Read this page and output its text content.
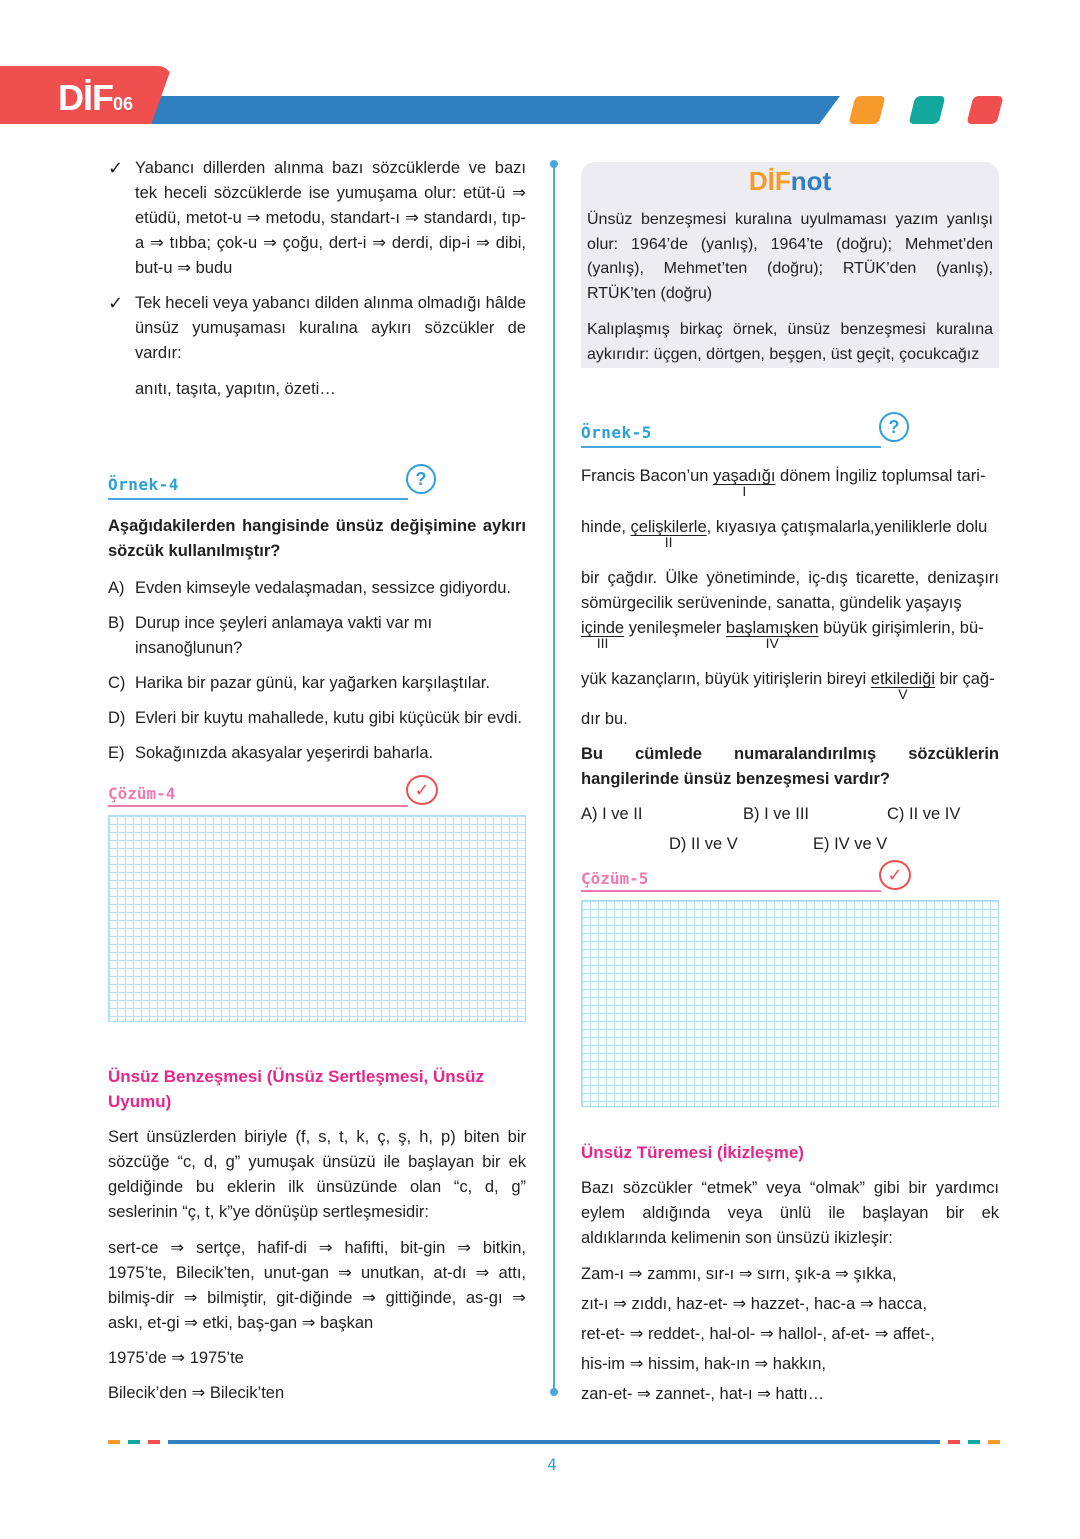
DİF06
✓ Yabancı dillerden alınma bazı sözcüklerde ve bazı tek heceli sözcüklerde ise yumuşama olur: etüt-ü ⇒ etüdü, metot-u ⇒ metodu, standart-ı ⇒ standardı, tıp-a ⇒ tıbba; çok-u ⇒ çoğu, dert-i ⇒ derdi, dip-i ⇒ dibi, but-u ⇒ budu
✓ Tek heceli veya yabancı dilden alınma olmadığı hâlde ünsüz yumuşaması kuralına aykırı sözcükler de vardır:
anıtı, taşıta, yapıtın, özeti…
Örnek-4	?

Aşağıdakilerden hangisinde ünsüz değişimine aykırı sözcük kullanılmıştır?

A) Evden kimseyle vedalaşmadan, sessizce gidiyordu.
B) Durup ince şeyleri anlamaya vakti var mı insanoğlunun?
C) Harika bir pazar günü, kar yağarken karşılaştılar.
D) Evleri bir kuytu mahallede, kutu gibi küçücük bir evdi.
E) Sokağınızda akasyalar yeşerirdi baharla.
Çözüm-4	✓
Ünsüz Benzeşmesi (Ünsüz Sertleşmesi, Ünsüz Uyumu)

Sert ünsüzlerden biriyle (f, s, t, k, ç, ş, h, p) biten bir sözcüğe “c, d, g” yumuşak ünsüzü ile başlayan bir ek geldiğinde bu eklerin ilk ünsüzünde olan “c, d, g” seslerinin “ç, t, k”ye dönüşüp sertleşmesidir:

sert-ce ⇒ sertçe, hafif-di ⇒ hafifti, bit-gin ⇒ bitkin, 1975’te, Bilecik’ten, unut-gan ⇒ unutkan, at-dı ⇒ attı, bilmiş-dir ⇒ bilmiştir, git-diğinde ⇒ gittiğinde, as-gı ⇒ askı, et-gi ⇒ etki, baş-gan ⇒ başkan

1975’de ⇒ 1975’te
Bilecik’den ⇒ Bilecik’ten
DİFnot

Ünsüz benzeşmesi kuralına uyulmaması yazım yanlışı olur: 1964’de (yanlış), 1964’te (doğru); Mehmet’den (yanlış), Mehmet’ten (doğru); RTÜK’den (yanlış), RTÜK’ten (doğru)

Kalıplaşmış birkaç örnek, ünsüz benzeşmesi kuralına aykırıdır: üçgen, dörtgen, beşgen, üst geçit, çocukcağız

Örnek-5	?
Francis Bacon’un yaşadığı
I
dönem İngiliz toplumsal tari-
hinde, çelişkilerle
II
, kıyasıya çatışmalarla,yeniliklerle dolu

bir çağdır. Ülke yönetiminde, iç-dış ticarette, denizaşırı sömürgecilik serüveninde, sanatta, gündelik yaşayış

içinde
III
yenileşmeler başlamışken
IV
büyük girişimlerin, bü-
yük kazançların, büyük yitirişlerin bireyi etkilediği
V
bir çağ-
dır bu.

Bu cümlede numaralandırılmış sözcüklerin hangilerinde ünsüz benzeşmesi vardır?

A) I ve II	B) I ve III	C) II ve IV
D) II ve V	E) IV ve V
Çözüm-5	✓
Ünsüz Türemesi (İkizleşme)

Bazı sözcükler “etmek” veya “olmak” gibi bir yardımcı eylem aldığında veya ünlü ile başlayan bir ek aldıklarında kelimenin son ünsüzü ikizleşir:

Zam-ı ⇒ zammı, sır-ı ⇒ sırrı, şık-a ⇒ şıkka,
zıt-ı ⇒ zıddı, haz-et- ⇒ hazzet-, hac-a ⇒ hacca,
ret-et- ⇒ reddet-, hal-ol- ⇒ hallol-, af-et- ⇒ affet-,
his-im ⇒ hissim, hak-ın ⇒ hakkın,
zan-et- ⇒ zannet-, hat-ı ⇒ hattı…
4
